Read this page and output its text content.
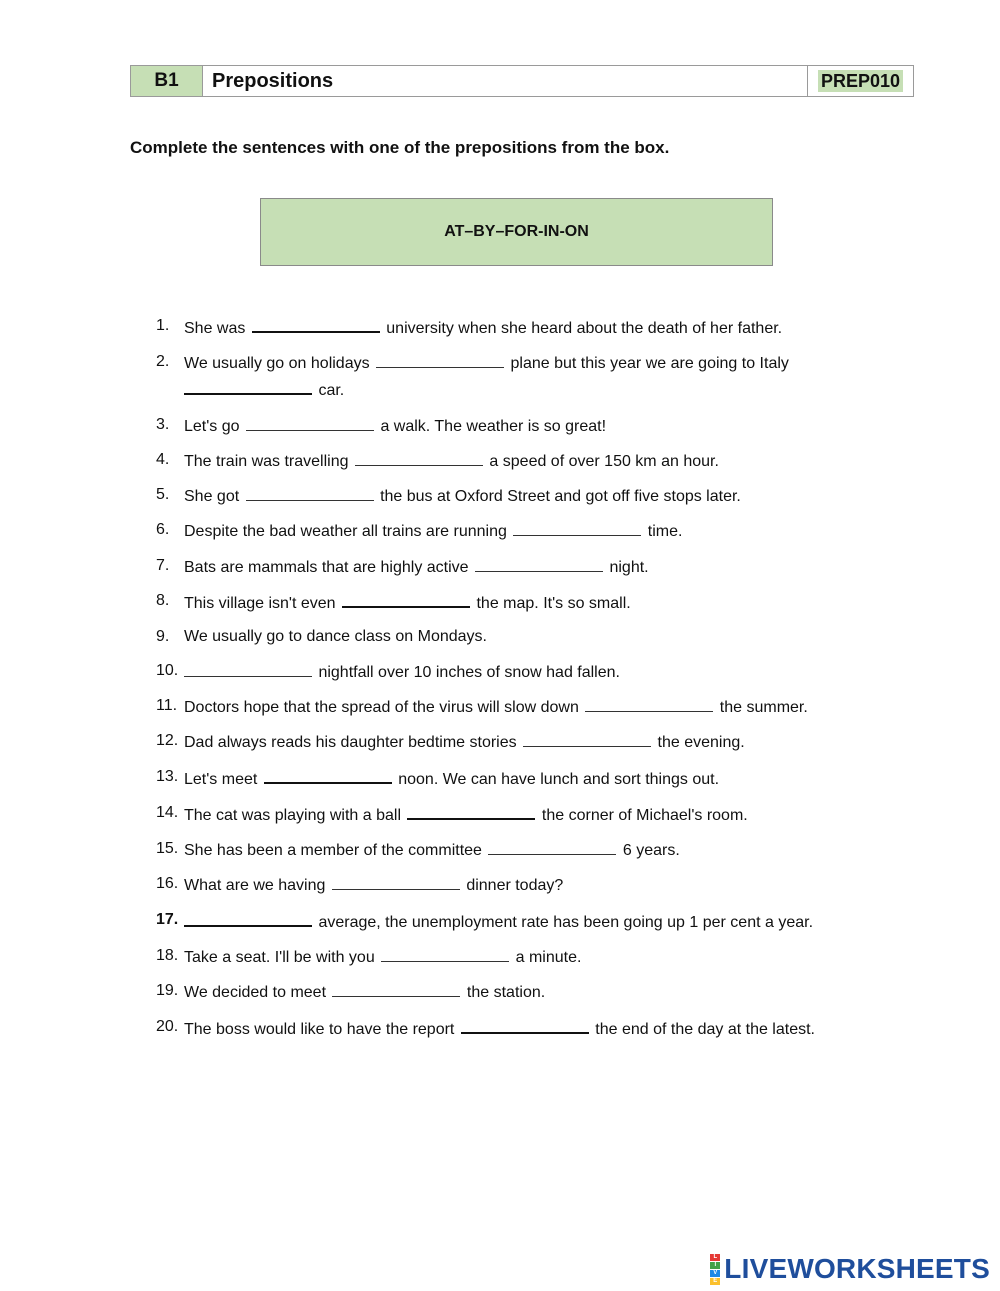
B1	Prepositions	PREP010
Complete the sentences with one of the prepositions from the box.
AT–BY–FOR-IN-ON
1. She was	university when she heard about the death of her father.
2. We usually go on holidays	plane but this year we are going to Italy
car.
3. Let's go	a walk. The weather is so great!
4. The train was travelling	a speed of over 150 km an hour.
5. She got	the bus at Oxford Street and got off five stops later.
6. Despite the bad weather all trains are running	time.
7. Bats are mammals that are highly active	night.
8. This village isn't even	the map. It's so small.
9. We usually go to dance class on Mondays.
10.	nightfall over 10 inches of snow had fallen.
11. Doctors hope that the spread of the virus will slow down	the summer.
12. Dad always reads his daughter bedtime stories	the evening.
13. Let's meet	noon. We can have lunch and sort things out.
14. The cat was playing with a ball	the corner of Michael's room.
15. She has been a member of the committee	6 years.
16. What are we having	dinner today?
17.	average, the unemployment rate has been going up 1 per cent a year.
18. Take a seat. I'll be with you	a minute.
19. We decided to meet	the station.
20. The boss would like to have the report	the end of the day at the latest.
L
I
V
E LIVEWORKSHEETS
